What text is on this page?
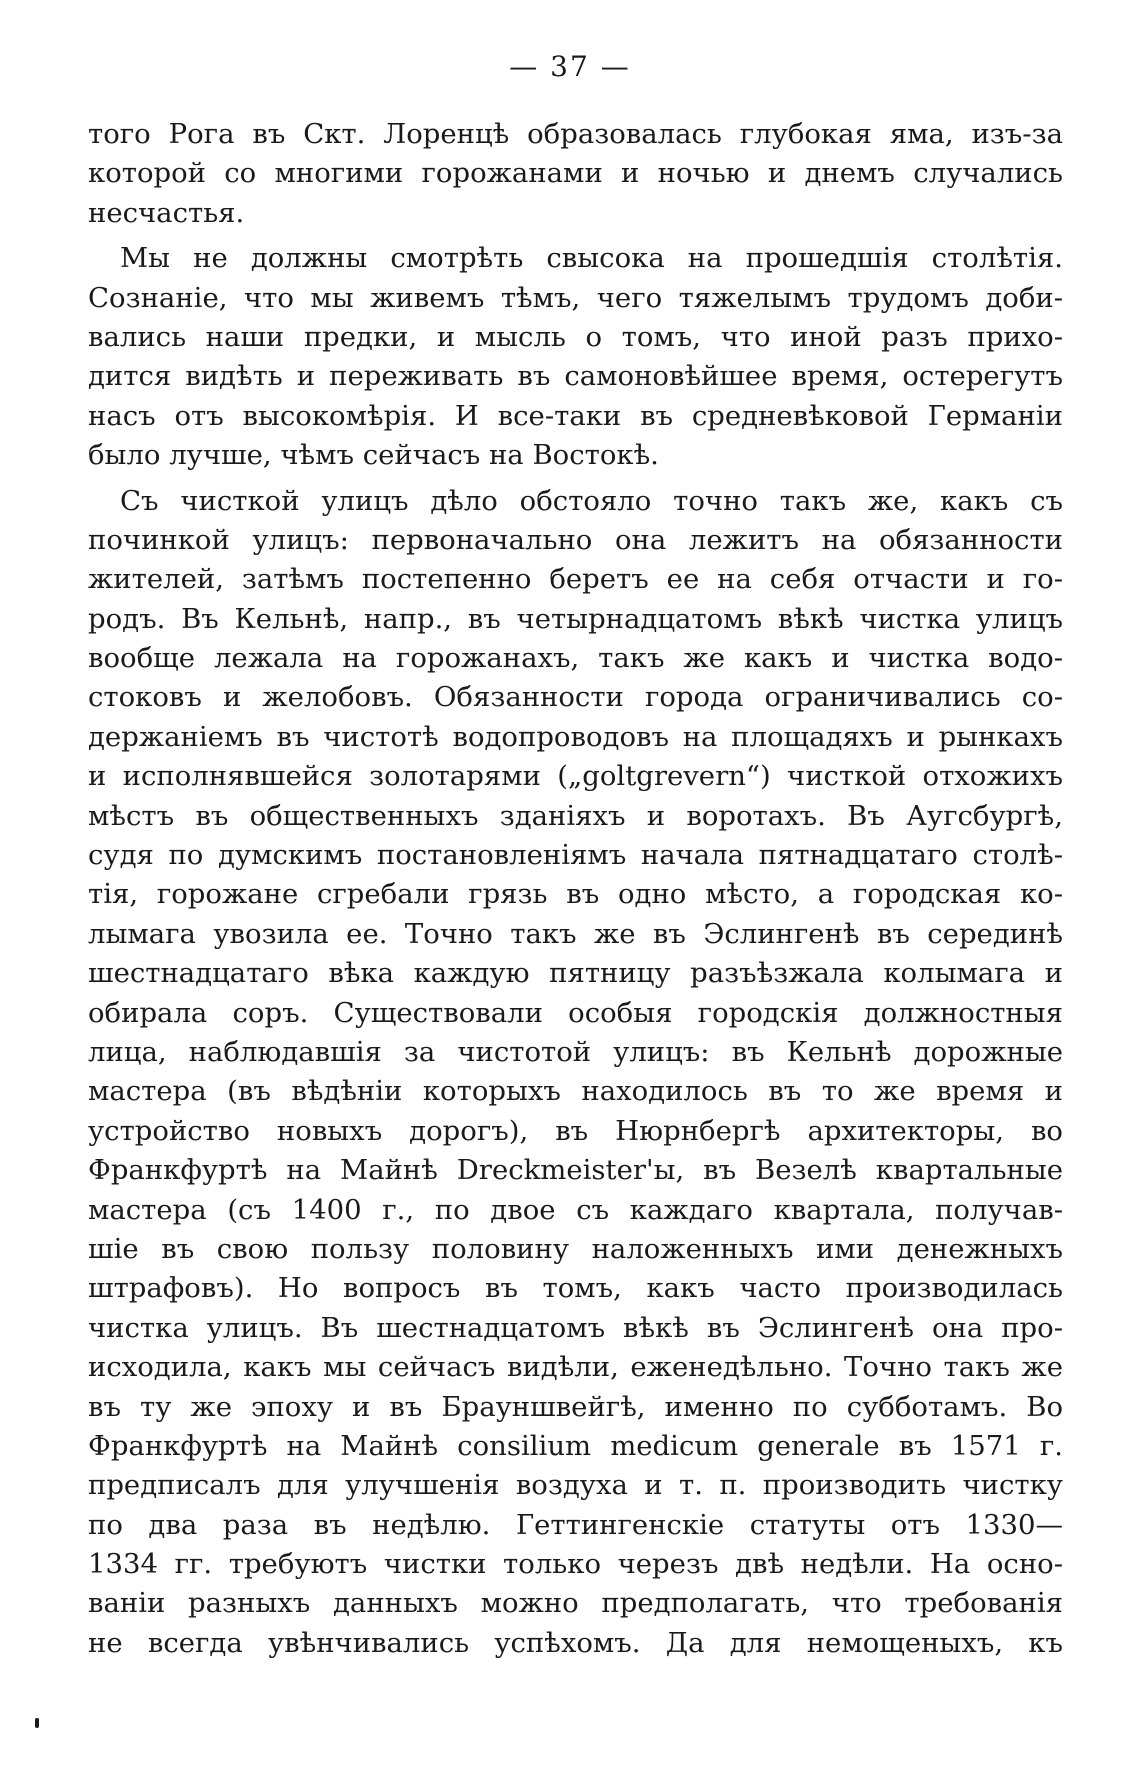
— 37 —
того Рога въ Скт. Лоренцѣ образовалась глубокая яма, изъ-за
которой со многими горожанами и ночью и днемъ случались
несчастья.
Мы не должны смотрѣть свысока на прошедшія столѣтія.
Сознаніе, что мы живемъ тѣмъ, чего тяжелымъ трудомъ доби-
вались наши предки, и мысль о томъ, что иной разъ прихо-
дится видѣть и переживать въ самоновѣйшее время, остерегутъ
насъ отъ высокомѣрія. И все-таки въ средневѣковой Германіи
было лучше, чѣмъ сейчасъ на Востокѣ.
Съ чисткой улицъ дѣло обстояло точно такъ же, какъ съ
починкой улицъ: первоначально она лежитъ на обязанности
жителей, затѣмъ постепенно беретъ ее на себя отчасти и го-
родъ. Въ Кельнѣ, напр., въ четырнадцатомъ вѣкѣ чистка улицъ
вообще лежала на горожанахъ, такъ же какъ и чистка водо-
стоковъ и желобовъ. Обязанности города ограничивались со-
держаніемъ въ чистотѣ водопроводовъ на площадяхъ и рынкахъ
и исполнявшейся золотарями („goltgrevern“) чисткой отхожихъ
мѣстъ въ общественныхъ зданіяхъ и воротахъ. Въ Аугсбургѣ,
судя по думскимъ постановленіямъ начала пятнадцатаго столѣ-
тія, горожане сгребали грязь въ одно мѣсто, а городская ко-
лымага увозила ее. Точно такъ же въ Эслингенѣ въ серединѣ
шестнадцатаго вѣка каждую пятницу разъѣзжала колымага и
обирала соръ. Существовали особыя городскія должностныя
лица, наблюдавшія за чистотой улицъ: въ Кельнѣ дорожные
мастера (въ вѣдѣніи которыхъ находилось въ то же время и
устройство новыхъ дорогъ), въ Нюрнбергѣ архитекторы, во
Франкфуртѣ на Майнѣ Dreckmeister'ы, въ Везелѣ квартальные
мастера (съ 1400 г., по двое съ каждаго квартала, получав-
шіе въ свою пользу половину наложенныхъ ими денежныхъ
штрафовъ). Но вопросъ въ томъ, какъ часто производилась
чистка улицъ. Въ шестнадцатомъ вѣкѣ въ Эслингенѣ она про-
исходила, какъ мы сейчасъ видѣли, еженедѣльно. Точно такъ же
въ ту же эпоху и въ Брауншвейгѣ, именно по субботамъ. Во
Франкфуртѣ на Майнѣ consilium medicum generale въ 1571 г.
предписалъ для улучшенія воздуха и т. п. производить чистку
по два раза въ недѣлю. Геттингенскіе статуты отъ 1330—
1334 гг. требуютъ чистки только черезъ двѣ недѣли. На осно-
ваніи разныхъ данныхъ можно предполагать, что требованія
не всегда увѣнчивались успѣхомъ. Да для немощеныхъ, къ
